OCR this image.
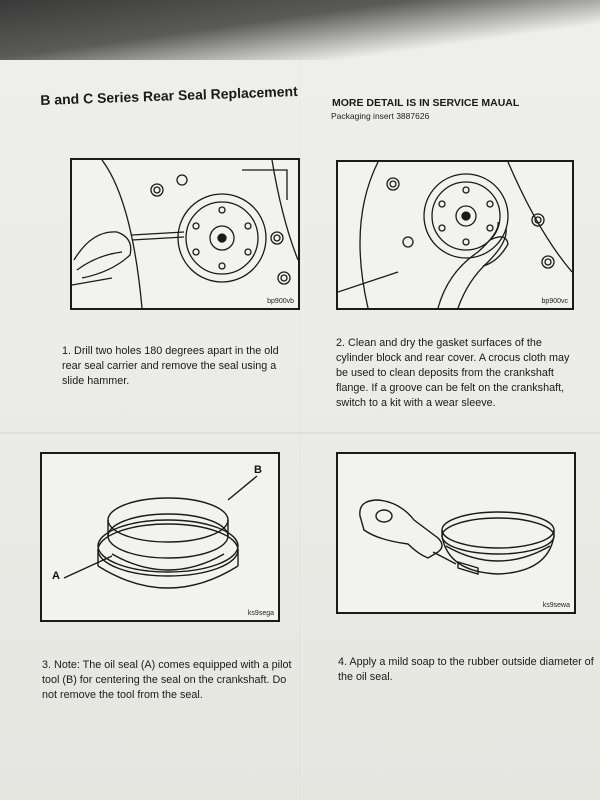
B and C Series Rear Seal Replacement	MORE DETAIL IS IN SERVICE MAUAL
Packaging insert 3887626
bp900vb	bp900vc
1. Drill two holes 180 degrees apart in the old rear seal carrier and remove the seal using a slide hammer.
2. Clean and dry the gasket surfaces of the cylinder block and rear cover. A crocus cloth may be used to clean deposits from the crankshaft flange. If a groove can be felt on the crankshaft, switch to a kit with a wear sleeve.
A
B
ks9sega
ks9sewa
3. Note: The oil seal (A) comes equipped with a pilot tool (B) for centering the seal on the crankshaft. Do not remove the tool from the seal.
4. Apply a mild soap to the rubber outside diameter of the oil seal.
